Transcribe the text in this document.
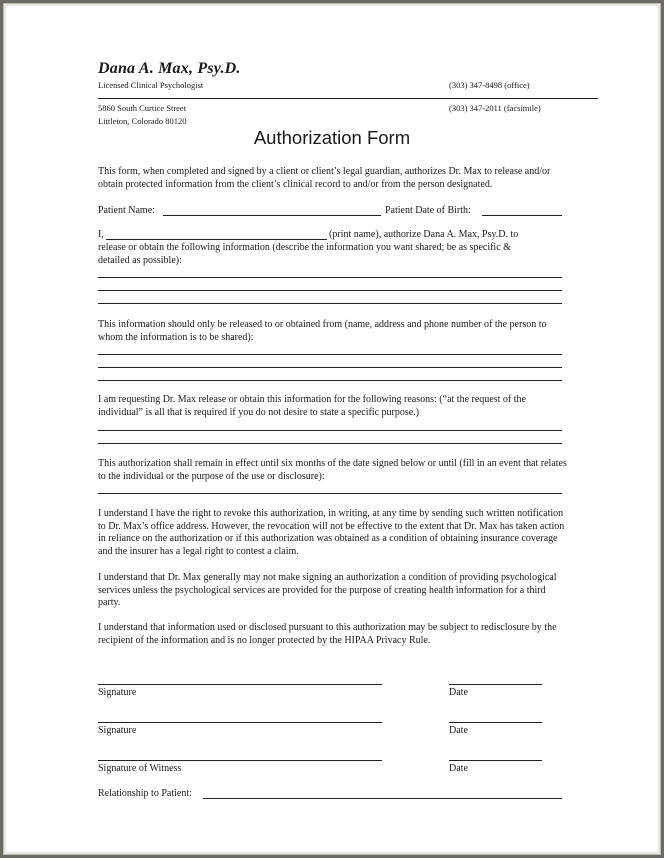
Dana A. Max, Psy.D.
Licensed Clinical Psychologist	(303) 347-8498 (office)
5860 South Curtice Street	(303) 347-2011 (facsimile)
Littleton, Colorado 80120
Authorization Form
This form, when completed and signed by a client or client’s legal guardian, authorizes Dr. Max to release and/or obtain protected information from the client’s clinical record to and/or from the person designated.
Patient Name:	Patient Date of Birth:
I,	(print name), authorize Dana A. Max, Psy.D. to
release or obtain the following information (describe the information you want shared; be as specific &
detailed as possible):
This information should only be released to or obtained from (name, address and phone number of the person to whom the information is to be shared):
I am requesting Dr. Max release or obtain this information for the following reasons: (“at the request of the individual” is all that is required if you do not desire to state a specific purpose.)
This authorization shall remain in effect until six months of the date signed below or until (fill in an event that relates to the individual or the purpose of the use or disclosure):
I understand I have the right to revoke this authorization, in writing, at any time by sending such written notification to Dr. Max’s office address. However, the revocation will not be effective to the extent that Dr. Max has taken action in reliance on the authorization or if this authorization was obtained as a condition of obtaining insurance coverage and the insurer has a legal right to contest a claim.
I understand that Dr. Max generally may not make signing an authorization a condition of providing psychological services unless the psychological services are provided for the purpose of creating health information for a third party.
I understand that information used or disclosed pursuant to this authorization may be subject to redisclosure by the recipient of the information and is no longer protected by the HIPAA Privacy Rule.
Signature	Date
Signature	Date
Signature of Witness	Date
Relationship to Patient:
